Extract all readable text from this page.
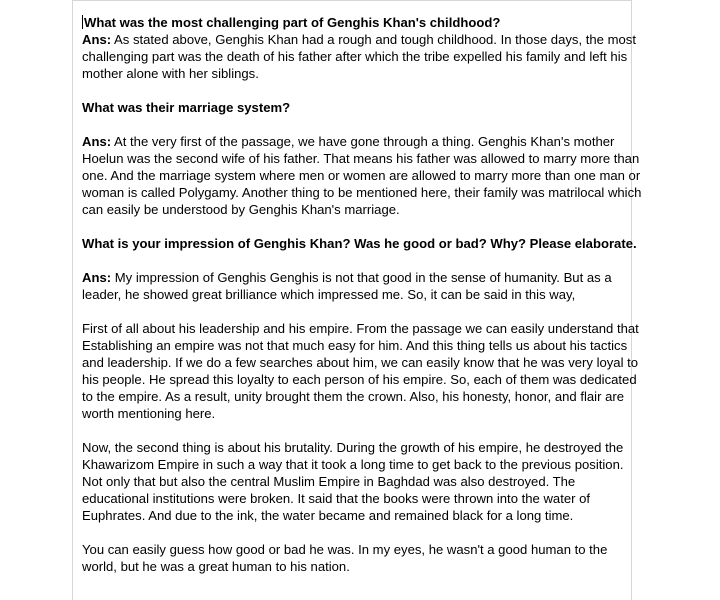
What was the most challenging part of Genghis Khan's childhood?

Ans: As stated above, Genghis Khan had a rough and tough childhood. In those days, the most challenging part was the death of his father after which the tribe expelled his family and left his mother alone with her siblings.

What was their marriage system?

Ans: At the very first of the passage, we have gone through a thing. Genghis Khan's mother Hoelun was the second wife of his father. That means his father was allowed to marry more than one. And the marriage system where men or women are allowed to marry more than one man or woman is called Polygamy. Another thing to be mentioned here, their family was matrilocal which can easily be understood by Genghis Khan's marriage.

What is your impression of Genghis Khan? Was he good or bad? Why? Please elaborate.

Ans: My impression of Genghis Genghis is not that good in the sense of humanity. But as a leader, he showed great brilliance which impressed me. So, it can be said in this way,

First of all about his leadership and his empire. From the passage we can easily understand that Establishing an empire was not that much easy for him. And this thing tells us about his tactics and leadership. If we do a few searches about him, we can easily know that he was very loyal to his people. He spread this loyalty to each person of his empire. So, each of them was dedicated to the empire. As a result, unity brought them the crown. Also, his honesty, honor, and flair are worth mentioning here.

Now, the second thing is about his brutality. During the growth of his empire, he destroyed the Khawarizom Empire in such a way that it took a long time to get back to the previous position. Not only that but also the central Muslim Empire in Baghdad was also destroyed. The educational institutions were broken. It said that the books were thrown into the water of Euphrates. And due to the ink, the water became and remained black for a long time.

You can easily guess how good or bad he was. In my eyes, he wasn't a good human to the world, but he was a great human to his nation.
